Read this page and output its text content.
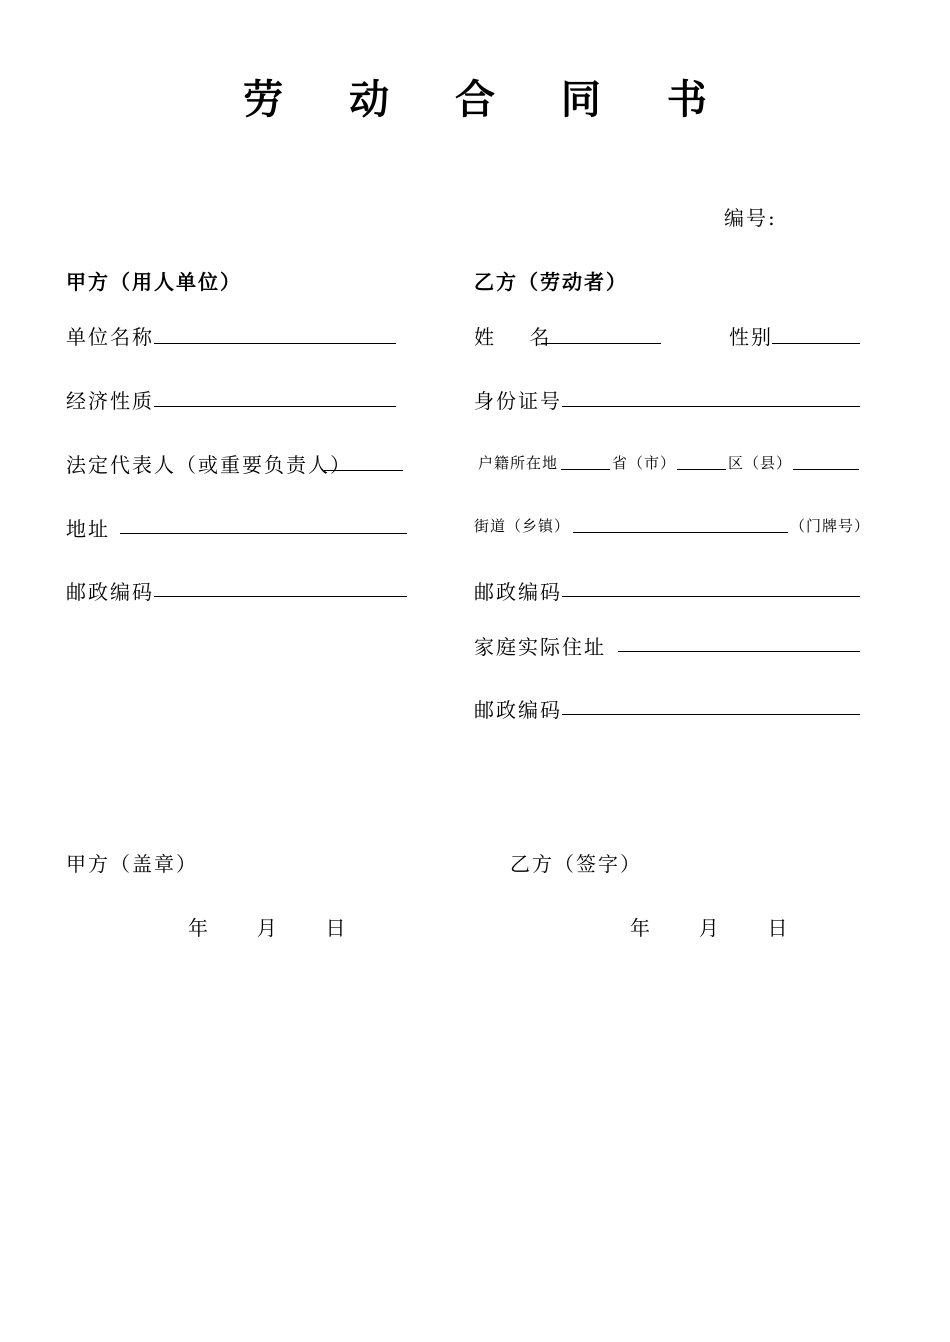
劳 动 合 同 书
编号:
甲方（用人单位）
单位名称
经济性质
法定代表人（或重要负责人）
地址
邮政编码
乙方（劳动者）
姓    名	性别
身份证号
户籍所在地	省（市）	区（县）
街道（乡镇）	（门牌号）
邮政编码
家庭实际住址
邮政编码
甲方（盖章）	乙方（签字）
年 月 日	年 月 日
